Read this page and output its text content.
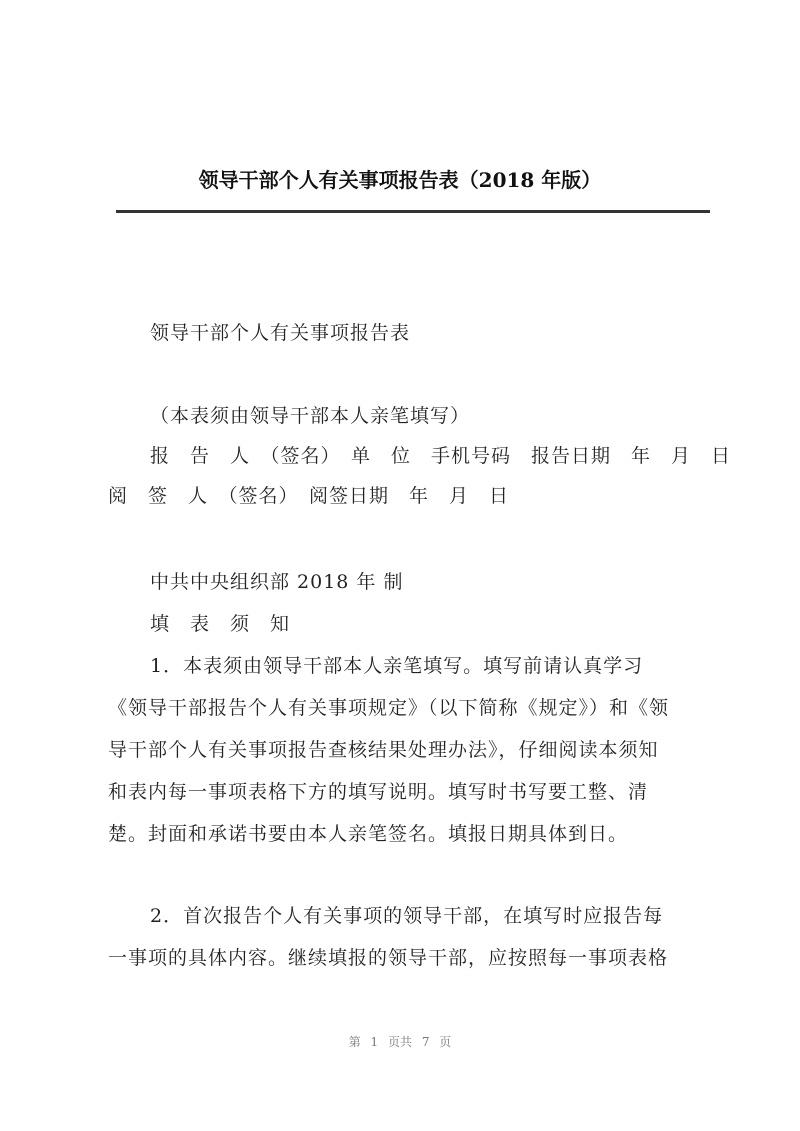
领导干部个人有关事项报告表（2018 年版）
领导干部个人有关事项报告表
（本表须由领导干部本人亲笔填写）
报　告　人　（签名）　单　位　手机号码　报告日期　年　月　日
阅　签　人　（签名）　阅签日期　年　月　日
中共中央组织部 2018 年 制
填　表　须　知
1．本表须由领导干部本人亲笔填写。填写前请认真学习
《领导干部报告个人有关事项规定》（以下简称《规定》）和《领
导干部个人有关事项报告查核结果处理办法》，仔细阅读本须知
和表内每一事项表格下方的填写说明。填写时书写要工整、清
楚。封面和承诺书要由本人亲笔签名。填报日期具体到日。
2．首次报告个人有关事项的领导干部，在填写时应报告每
一事项的具体内容。继续填报的领导干部，应按照每一事项表格
第 1 页共 7 页
